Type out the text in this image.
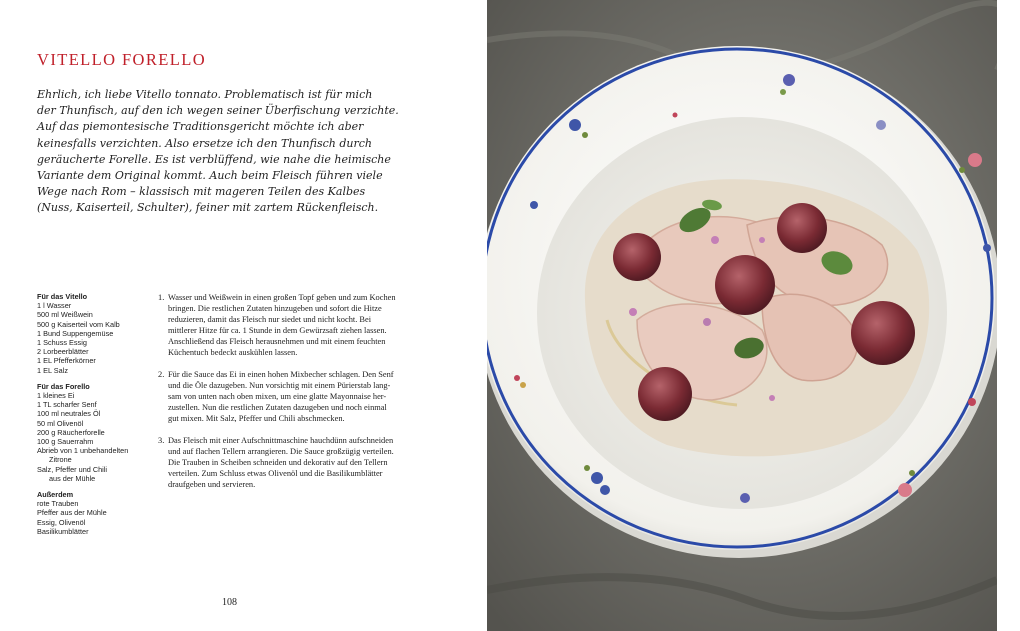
VITELLO FORELLO

Ehrlich, ich liebe Vitello tonnato. Problematisch ist für mich
der Thunfisch, auf den ich wegen seiner Überfischung verzichte.
Auf das piemontesische Traditionsgericht möchte ich aber
keinesfalls verzichten. Also ersetze ich den Thunfisch durch
geräucherte Forelle. Es ist verblüffend, wie nahe die heimische
Variante dem Original kommt. Auch beim Fleisch führen viele
Wege nach Rom – klassisch mit mageren Teilen des Kalbes
(Nuss, Kaiserteil, Schulter), feiner mit zartem Rückenfleisch.

Für das Vitello
1 l Wasser
500 ml Weißwein
500 g Kaiserteil vom Kalb
1 Bund Suppengemüse
1 Schuss Essig
2 Lorbeerblätter
1 EL Pfefferkörner
1 EL Salz
Für das Forello
1 kleines Ei
1 TL scharfer Senf
100 ml neutrales Öl
50 ml Olivenöl
200 g Räucherforelle
100 g Sauerrahm
Abrieb von 1 unbehandelten
Zitrone
Salz, Pfeffer und Chili
aus der Mühle
Außerdem
rote Trauben
Pfeffer aus der Mühle
Essig, Olivenöl
Basilikumblätter
1. Wasser und Weißwein in einen großen Topf geben und zum Kochen
bringen. Die restlichen Zutaten hinzugeben und sofort die Hitze
reduzieren, damit das Fleisch nur siedet und nicht kocht. Bei
mittlerer Hitze für ca. 1 Stunde in dem Gewürzsaft ziehen lassen.
Anschließend das Fleisch herausnehmen und mit einem feuchten
Küchentuch bedeckt auskühlen lassen.
2. Für die Sauce das Ei in einen hohen Mixbecher schlagen. Den Senf
und die Öle dazugeben. Nun vorsichtig mit einem Pürierstab lang-
sam von unten nach oben mixen, um eine glatte Mayonnaise her-
zustellen. Nun die restlichen Zutaten dazugeben und noch einmal
gut mixen. Mit Salz, Pfeffer und Chili abschmecken.
3. Das Fleisch mit einer Aufschnittmaschine hauchdünn aufschneiden
und auf flachen Tellern arrangieren. Die Sauce großzügig verteilen.
Die Trauben in Scheiben schneiden und dekorativ auf den Tellern
verteilen. Zum Schluss etwas Olivenöl und die Basilikumblätter
draufgeben und servieren.
108
